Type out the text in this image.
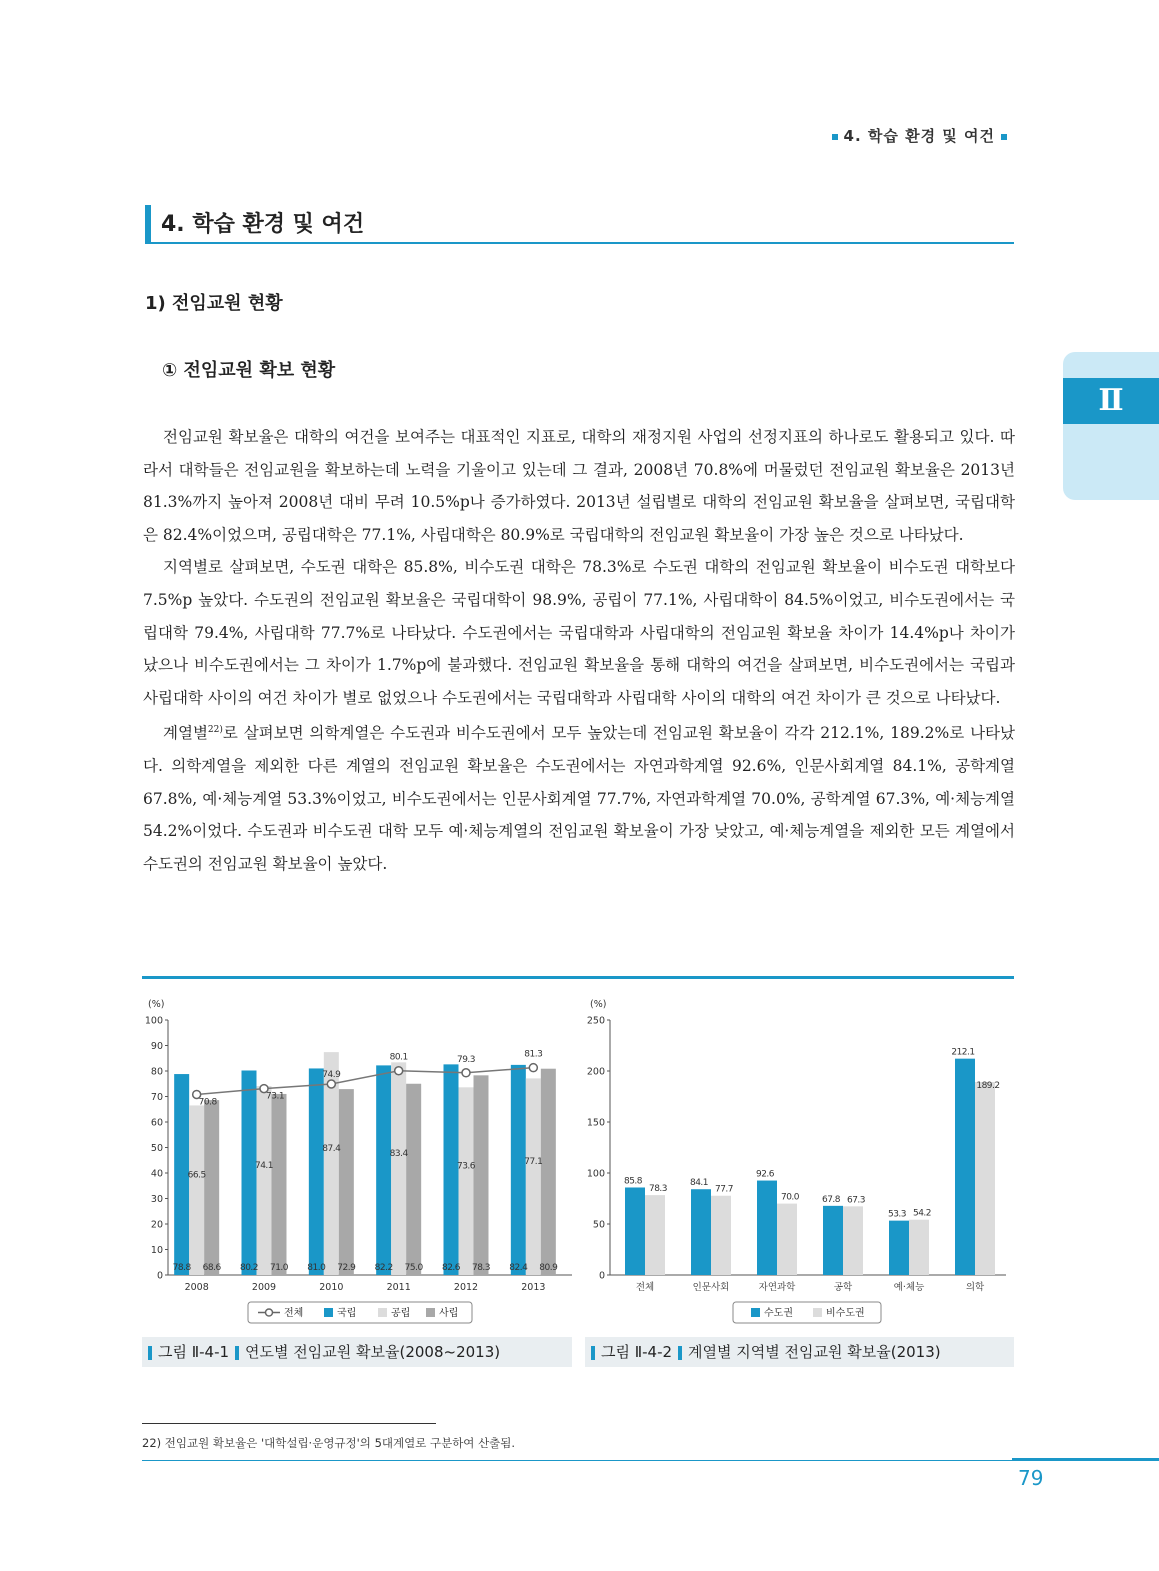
4. 학습 환경 및 여건
Ⅱ
4. 학습 환경 및 여건
1) 전임교원 현황
① 전임교원 확보 현황

전임교원 확보율은 대학의 여건을 보여주는 대표적인 지표로, 대학의 재정지원 사업의 선정지표의 하나로도 활용되고 있다. 따라서 대학들은 전임교원을 확보하는데 노력을 기울이고 있는데 그 결과, 2008년 70.8%에 머물렀던 전임교원 확보율은 2013년 81.3%까지 높아져 2008년 대비 무려 10.5%p나 증가하였다. 2013년 설립별로 대학의 전임교원 확보율을 살펴보면, 국립대학은 82.4%이었으며, 공립대학은 77.1%, 사립대학은 80.9%로 국립대학의 전임교원 확보율이 가장 높은 것으로 나타났다.

지역별로 살펴보면, 수도권 대학은 85.8%, 비수도권 대학은 78.3%로 수도권 대학의 전임교원 확보율이 비수도권 대학보다 7.5%p 높았다. 수도권의 전임교원 확보율은 국립대학이 98.9%, 공립이 77.1%, 사립대학이 84.5%이었고, 비수도권에서는 국립대학 79.4%, 사립대학 77.7%로 나타났다. 수도권에서는 국립대학과 사립대학의 전임교원 확보율 차이가 14.4%p나 차이가 났으나 비수도권에서는 그 차이가 1.7%p에 불과했다. 전임교원 확보율을 통해 대학의 여건을 살펴보면, 비수도권에서는 국립과 사립대학 사이의 여건 차이가 별로 없었으나 수도권에서는 국립대학과 사립대학 사이의 대학의 여건 차이가 큰 것으로 나타났다.

계열별$^{22)}$로 살펴보면 의학계열은 수도권과 비수도권에서 모두 높았는데 전임교원 확보율이 각각 212.1%, 189.2%로 나타났다. 의학계열을 제외한 다른 계열의 전임교원 확보율은 수도권에서는 자연과학계열 92.6%, 인문사회계열 84.1%, 공학계열 67.8%, 예·체능계열 53.3%이었고, 비수도권에서는 인문사회계열 77.7%, 자연과학계열 70.0%, 공학계열 67.3%, 예·체능계열 54.2%이었다. 수도권과 비수도권 대학 모두 예·체능계열의 전임교원 확보율이 가장 낮았고, 예·체능계열을 제외한 모든 계열에서 수도권의 전임교원 확보율이 높았다.

0
10
20
30
40
50
60
70
80
90
100
(%)
78.8
66.5
68.6
2008
80.2
74.1
71.0
2009
81.0
87.4
72.9
2010
82.2
83.4
75.0
2011
82.6
73.6
78.3
2012
82.4
77.1
80.9
2013
70.8
73.1
74.9
80.1	79.3
81.3
전체	국립	공립	사립
0
50
100
150
200
250
(%)
85.8
78.3
전체
84.1
77.7
인문사회
92.6
70.0
자연과학
67.8 67.3
공학
53.3 54.2
예·체능
212.1
189.2
의학
수도권	비수도권
그림 Ⅱ-4-1 연도별 전임교원 확보율(2008~2013)	그림 Ⅱ-4-2 계열별 지역별 전임교원 확보율(2013)
22) 전임교원 확보율은 '대학설립·운영규정'의 5대계열로 구분하여 산출됨.
79
